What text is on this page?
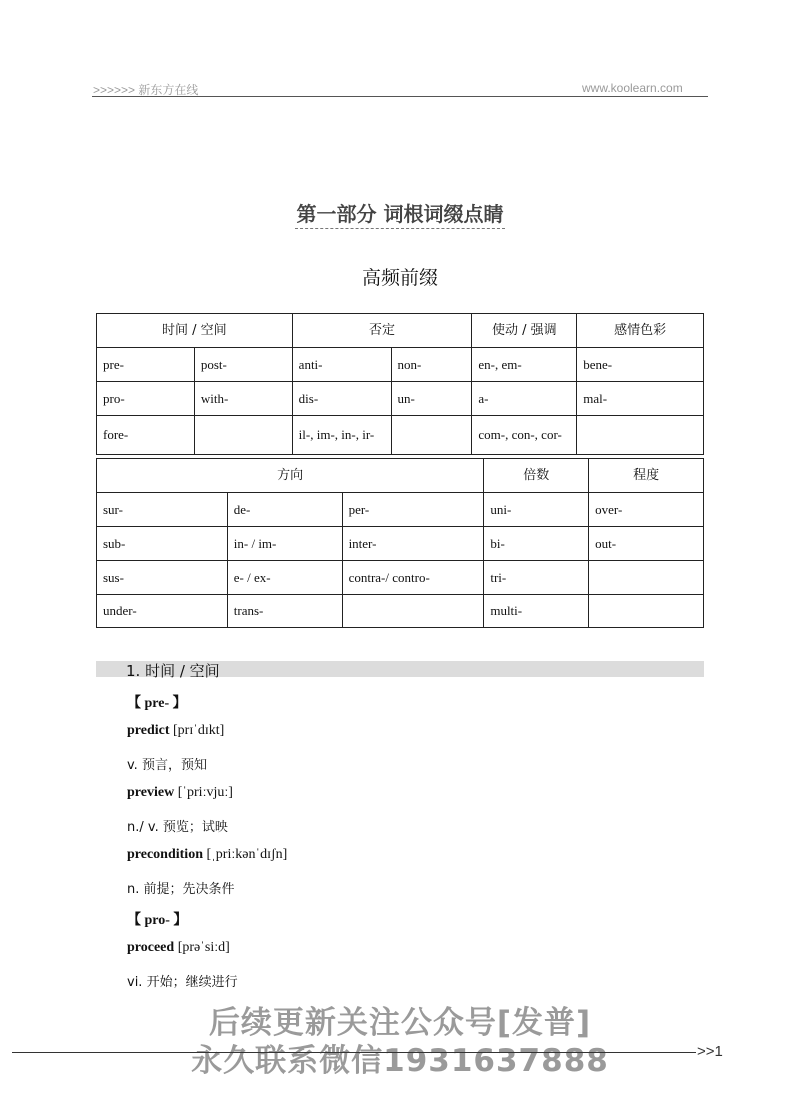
>>>>>> 新东方在线	www.koolearn.com
第一部分 词根词缀点睛
高频前缀
时间 / 空间		否定		使动 / 强调	感情色彩
pre-	post-	anti-	non-	en-, em-	bene-
pro-	with-	dis-	un-	a-	mal-
fore-		il-, im-, in-, ir-		com-, con-, cor-	
方向			倍数	程度
sur-	de-	per-	uni-	over-
sub-	in- / im-	inter-	bi-	out-
sus-	e- / ex-	contra-/ contro-	tri-	
under-	trans-		multi-	
1. 时间 / 空间
【 pre- 】
predict [prɪˈdɪkt]
v. 预言，预知
preview [ˈpriːvjuː]
n./ v. 预览；试映
precondition [ˌpriːkənˈdɪʃn]
n. 前提；先决条件
【 pro- 】
proceed [prəˈsiːd]
vi. 开始；继续进行
后续更新关注公众号[发普]
永久联系微信1931637888	>>1
